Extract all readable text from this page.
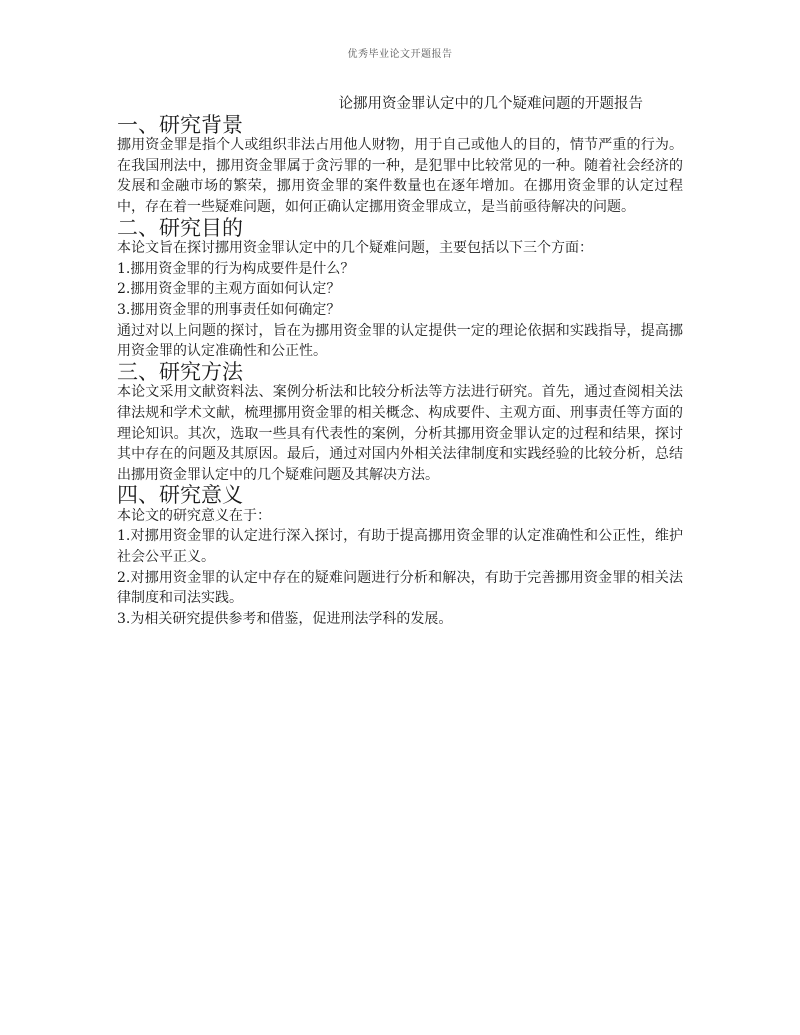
优秀毕业论文开题报告
论挪用资金罪认定中的几个疑难问题的开题报告
一、研究背景

挪用资金罪是指个人或组织非法占用他人财物，用于自己或他人的目的，情节严重的行为。在我国刑法中，挪用资金罪属于贪污罪的一种，是犯罪中比较常见的一种。随着社会经济的发展和金融市场的繁荣，挪用资金罪的案件数量也在逐年增加。在挪用资金罪的认定过程中，存在着一些疑难问题，如何正确认定挪用资金罪成立，是当前亟待解决的问题。

二、研究目的

本论文旨在探讨挪用资金罪认定中的几个疑难问题，主要包括以下三个方面：

1.挪用资金罪的行为构成要件是什么？

2.挪用资金罪的主观方面如何认定？

3.挪用资金罪的刑事责任如何确定？

通过对以上问题的探讨，旨在为挪用资金罪的认定提供一定的理论依据和实践指导，提高挪用资金罪的认定准确性和公正性。

三、研究方法

本论文采用文献资料法、案例分析法和比较分析法等方法进行研究。首先，通过查阅相关法律法规和学术文献，梳理挪用资金罪的相关概念、构成要件、主观方面、刑事责任等方面的理论知识。其次，选取一些具有代表性的案例，分析其挪用资金罪认定的过程和结果，探讨其中存在的问题及其原因。最后，通过对国内外相关法律制度和实践经验的比较分析，总结出挪用资金罪认定中的几个疑难问题及其解决方法。

四、研究意义

本论文的研究意义在于：

1.对挪用资金罪的认定进行深入探讨，有助于提高挪用资金罪的认定准确性和公正性，维护社会公平正义。

2.对挪用资金罪的认定中存在的疑难问题进行分析和解决，有助于完善挪用资金罪的相关法律制度和司法实践。

3.为相关研究提供参考和借鉴，促进刑法学科的发展。
